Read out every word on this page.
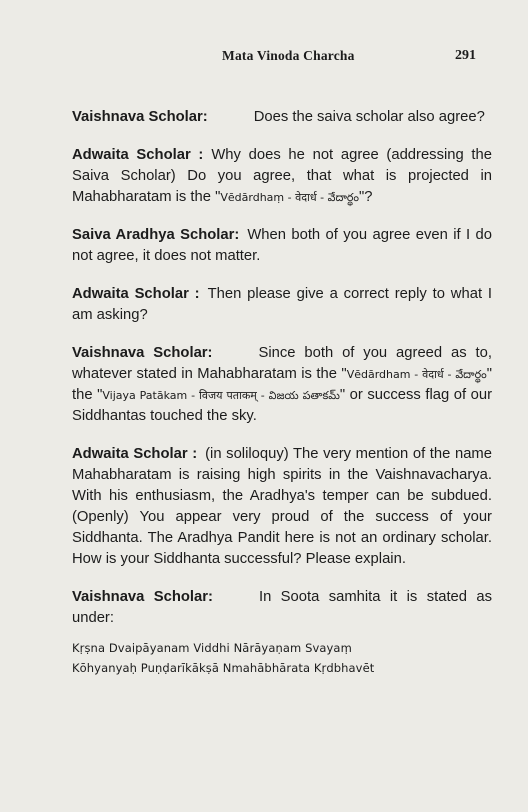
Mata Vinoda Charcha	291

Vaishnava Scholar:	Does the saiva scholar also agree?

Adwaita Scholar : Why does he not agree (addressing the Saiva Scholar) Do you agree, that what is projected in Mahabharatam is the "Vēdārdhaṃ - वेदार्ध - వేదార్థం"?

Saiva Aradhya Scholar: When both of you agree even if I do not agree, it does not matter.

Adwaita Scholar : Then please give a correct reply to what I am asking?

Vaishnava Scholar:	Since both of you agreed as to, whatever stated in Mahabharatam is the "Vēdārdham - वेदार्ध - వేదార్థం" the "Vijaya Patākam - विजय पताकम् - విజయ పతాకమ్" or success flag of our Siddhantas touched the sky.

Adwaita Scholar : (in soliloquy) The very mention of the name Mahabharatam is raising high spirits in the Vaishnavacharya. With his enthusiasm, the Aradhya's temper can be subdued. (Openly) You appear very proud of the success of your Siddhanta. The Aradhya Pandit here is not an ordinary scholar. How is your Siddhanta successful? Please explain.

Vaishnava Scholar:	In Soota samhita it is stated as under:

Kṛṣna Dvaipāyanam Viddhi Nārāyaṇam Svayaṃ

Kōhyanyaḥ Puṇḍarīkākṣā Nmahābhārata Kṛdbhavēt
